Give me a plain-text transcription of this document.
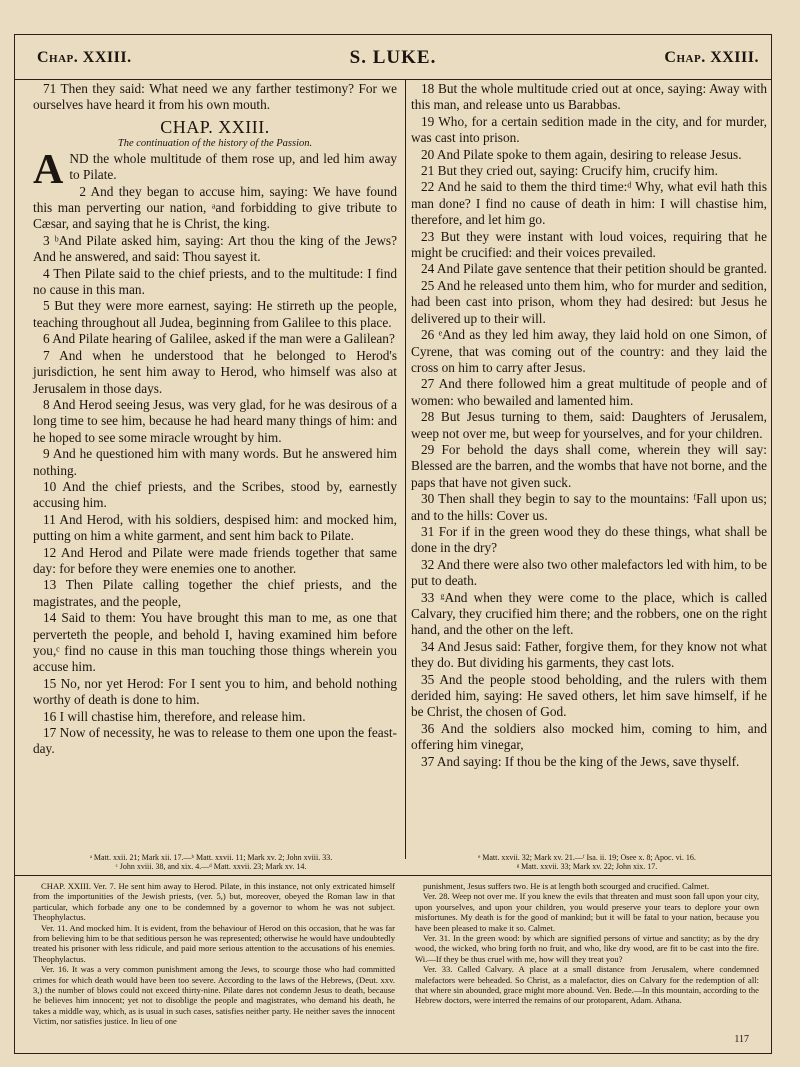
Chap. XXIII.	S. LUKE.	Chap. XXIII.

71 Then they said: What need we any farther testimony? For we ourselves have heard it from his own mouth.

CHAP. XXIII.
The continuation of the history of the Passion.

AND the whole multitude of them rose up, and led him away to Pilate.

2 And they began to accuse him, saying: We have found this man perverting our nation, ᵃand forbidding to give tribute to Cæsar, and saying that he is Christ, the king.

3 ᵇAnd Pilate asked him, saying: Art thou the king of the Jews? And he answered, and said: Thou sayest it.

4 Then Pilate said to the chief priests, and to the multitude: I find no cause in this man.

5 But they were more earnest, saying: He stirreth up the people, teaching throughout all Judea, beginning from Galilee to this place.

6 And Pilate hearing of Galilee, asked if the man were a Galilean?

7 And when he understood that he belonged to Herod's jurisdiction, he sent him away to Herod, who himself was also at Jerusalem in those days.

8 And Herod seeing Jesus, was very glad, for he was desirous of a long time to see him, because he had heard many things of him: and he hoped to see some miracle wrought by him.

9 And he questioned him with many words. But he answered him nothing.

10 And the chief priests, and the Scribes, stood by, earnestly accusing him.

11 And Herod, with his soldiers, despised him: and mocked him, putting on him a white garment, and sent him back to Pilate.

12 And Herod and Pilate were made friends together that same day: for before they were enemies one to another.

13 Then Pilate calling together the chief priests, and the magistrates, and the people,

14 Said to them: You have brought this man to me, as one that perverteth the people, and behold I, having examined him before you,ᶜ find no cause in this man touching those things wherein you accuse him.

15 No, nor yet Herod: For I sent you to him, and behold nothing worthy of death is done to him.

16 I will chastise him, therefore, and release him.

17 Now of necessity, he was to release to them one upon the feast-day.

18 But the whole multitude cried out at once, saying: Away with this man, and release unto us Barabbas.

19 Who, for a certain sedition made in the city, and for murder, was cast into prison.

20 And Pilate spoke to them again, desiring to release Jesus.

21 But they cried out, saying: Crucify him, crucify him.

22 And he said to them the third time:ᵈ Why, what evil hath this man done? I find no cause of death in him: I will chastise him, therefore, and let him go.

23 But they were instant with loud voices, requiring that he might be crucified: and their voices prevailed.

24 And Pilate gave sentence that their petition should be granted.

25 And he released unto them him, who for murder and sedition, had been cast into prison, whom they had desired: but Jesus he delivered up to their will.

26 ᵉAnd as they led him away, they laid hold on one Simon, of Cyrene, that was coming out of the country: and they laid the cross on him to carry after Jesus.

27 And there followed him a great multitude of people and of women: who bewailed and lamented him.

28 But Jesus turning to them, said: Daughters of Jerusalem, weep not over me, but weep for yourselves, and for your children.

29 For behold the days shall come, wherein they will say: Blessed are the barren, and the wombs that have not borne, and the paps that have not given suck.

30 Then shall they begin to say to the mountains: ᶠFall upon us; and to the hills: Cover us.

31 For if in the green wood they do these things, what shall be done in the dry?

32 And there were also two other malefactors led with him, to be put to death.

33 ᵍAnd when they were come to the place, which is called Calvary, they crucified him there; and the robbers, one on the right hand, and the other on the left.

34 And Jesus said: Father, forgive them, for they know not what they do. But dividing his garments, they cast lots.

35 And the people stood beholding, and the rulers with them derided him, saying: He saved others, let him save himself, if he be Christ, the chosen of God.

36 And the soldiers also mocked him, coming to him, and offering him vinegar,

37 And saying: If thou be the king of the Jews, save thyself.

ᵃ Matt. xxii. 21; Mark xii. 17.—ᵇ Matt. xxvii. 11; Mark xv. 2; John xviii. 33.
ᶜ John xviii. 38, and xix. 4.—ᵈ Matt. xxvii. 23; Mark xv. 14.
ᵉ Matt. xxvii. 32; Mark xv. 21.—ᶠ Isa. ii. 19; Osee x. 8; Apoc. vi. 16.
ᵍ Matt. xxvii. 33; Mark xv. 22; John xix. 17.

CHAP. XXIII. Ver. 7. He sent him away to Herod. Pilate, in this instance, not only extricated himself from the importunities of the Jewish priests, (ver. 5,) but, moreover, obeyed the Roman law in that particular, which forbade any one to be condemned by a governor to whom he was not subject. Theophylactus.

Ver. 11. And mocked him. It is evident, from the behaviour of Herod on this occasion, that he was far from believing him to be that seditious person he was represented; otherwise he would have undoubtedly treated his prisoner with less ridicule, and paid more serious attention to the accusations of his enemies. Theophylactus.

Ver. 16. It was a very common punishment among the Jews, to scourge those who had committed crimes for which death would have been too severe. According to the laws of the Hebrews, (Deut. xxv. 3,) the number of blows could not exceed thirty-nine. Pilate dares not condemn Jesus to death, because he believes him innocent; yet not to disoblige the people and magistrates, who demand his death, he takes a middle way, which, as is usual in such cases, satisfies neither party. He neither saves the innocent Victim, nor satisfies justice. In lieu of one

punishment, Jesus suffers two. He is at length both scourged and crucified. Calmet.

Ver. 28. Weep not over me. If you knew the evils that threaten and must soon fall upon your city, upon yourselves, and upon your children, you would preserve your tears to deplore your own misfortunes. My death is for the good of mankind; but it will be fatal to your nation, because you have been pleased to make it so. Calmet.

Ver. 31. In the green wood: by which are signified persons of virtue and sanctity; as by the dry wood, the wicked, who bring forth no fruit, and who, like dry wood, are fit to be cast into the fire. Wi.—If they be thus cruel with me, how will they treat you?

Ver. 33. Called Calvary. A place at a small distance from Jerusalem, where condemned malefactors were beheaded. So Christ, as a malefactor, dies on Calvary for the redemption of all: that where sin abounded, grace might more abound. Ven. Bede.—In this mountain, according to the Hebrew doctors, were interred the remains of our protoparent, Adam. Athana.

117
